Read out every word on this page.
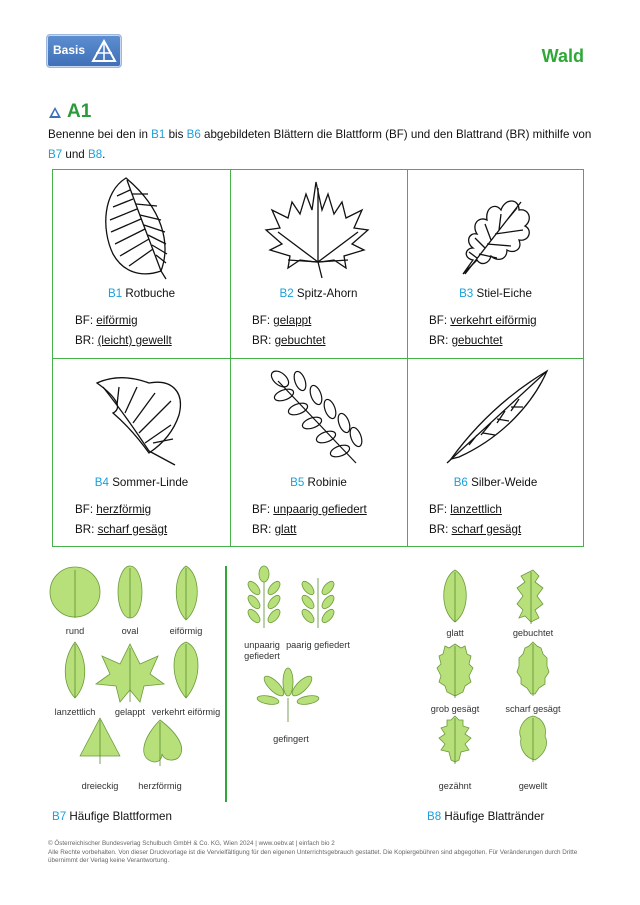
Basis	Wald
A1
Benenne bei den in B1 bis B6 abgebildeten Blättern die Blattform (BF) und den Blattrand (BR) mithilfe von B7 und B8.
B1 Rotbuche
BF: eiförmig
BR: (leicht) gewellt
B2 Spitz-Ahorn
BF: gelappt
BR: gebuchtet
B3 Stiel-Eiche
BF: verkehrt eiförmig
BR: gebuchtet
B4 Sommer-Linde
BF: herzförmig
BR: scharf gesägt
B5 Robinie
BF: unpaarig gefiedert
BR: glatt
B6 Silber-Weide
BF: lanzettlich
BR: scharf gesägt
rund	oval	eiförmig
lanzettlich	gelappt verkehrt eiförmig
dreieckig	herzförmig
unpaarig gefiedert
paarig gefiedert
gefingert
glatt	gebuchtet
grob gesägt	scharf gesägt
gezähnt	gewellt
B7 Häufige Blattformen	B8 Häufige Blattränder
© Österreichischer Bundesverlag Schulbuch GmbH & Co. KG, Wien 2024 | www.oebv.at | einfach bio 2
Alle Rechte vorbehalten. Von dieser Druckvorlage ist die Vervielfältigung für den eigenen Unterrichtsgebrauch gestattet. Die Kopiergebühren sind abgegolten. Für Veränderungen durch Dritte übernimmt der Verlag keine Verantwortung.
